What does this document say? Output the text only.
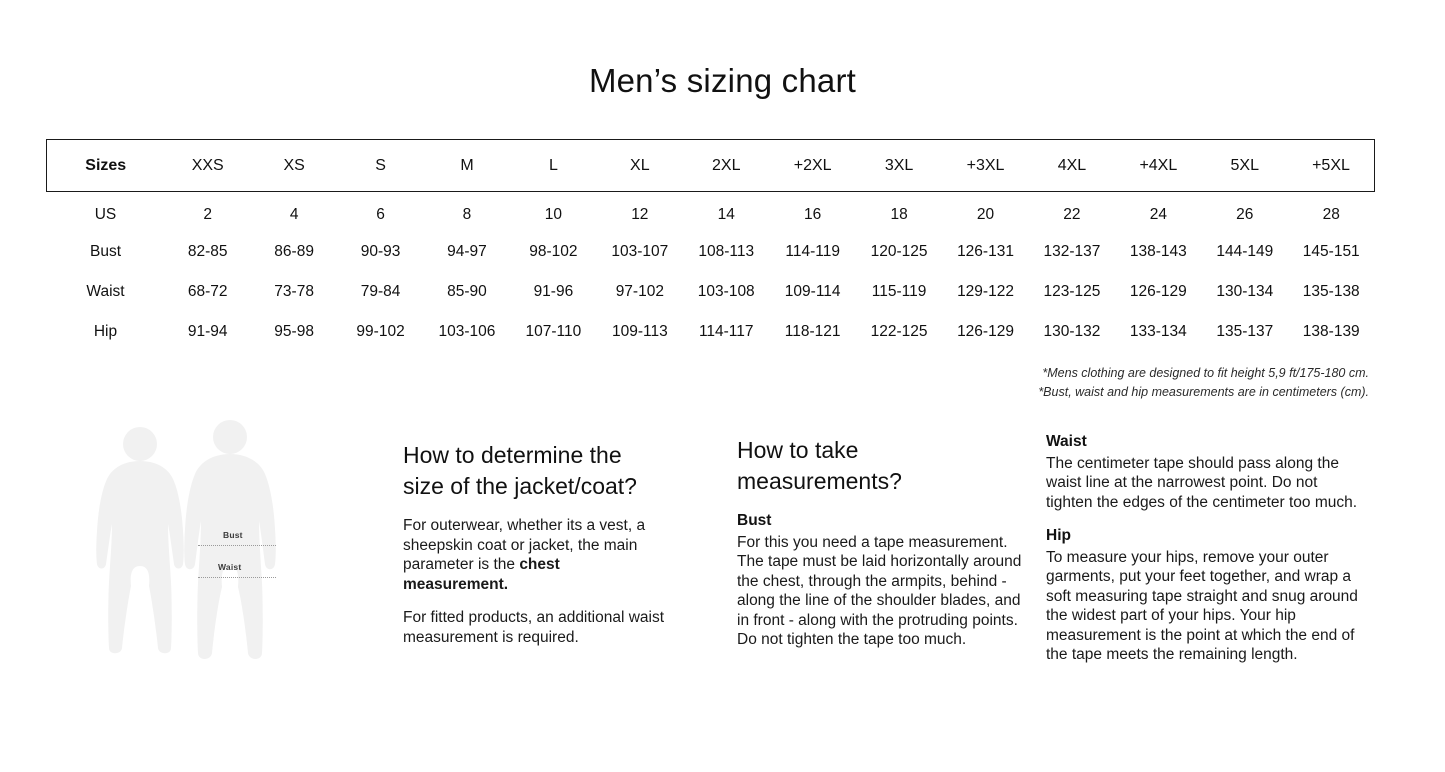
Men’s sizing chart
Sizes	XXS	XS	S	M	L	XL	2XL	+2XL	3XL	+3XL	4XL	+4XL	5XL	+5XL
US	2	4	6	8	10	12	14	16	18	20	22	24	26	28
Bust	82-85	86-89	90-93	94-97	98-102	103-107	108-113	114-119	120-125	126-131	132-137	138-143	144-149	145-151
Waist	68-72	73-78	79-84	85-90	91-96	97-102	103-108	109-114	115-119	129-122	123-125	126-129	130-134	135-138
Hip	91-94	95-98	99-102	103-106	107-110	109-113	114-117	118-121	122-125	126-129	130-132	133-134	135-137	138-139
*Mens clothing are designed to fit height 5,9 ft/175-180 cm.
*Bust, waist and hip measurements are in centimeters (cm).
Bust
Waist
How to determine the size of the jacket/coat?

For outerwear, whether its a vest, a sheepskin coat or jacket, the main parameter is the chest measurement.

For fitted products, an additional waist measurement is required.

How to take measurements?
Bust

For this you need a tape measurement. The tape must be laid horizontally around the chest, through the armpits, behind - along the line of the shoulder blades, and in front - along with the protruding points. Do not tighten the tape too much.

Waist

The centimeter tape should pass along the waist line at the narrowest point. Do not tighten the edges of the centimeter too much.

Hip

To measure your hips, remove your outer garments, put your feet together, and wrap a soft measuring tape straight and snug around the widest part of your hips. Your hip measurement is the point at which the end of the tape meets the remaining length.
